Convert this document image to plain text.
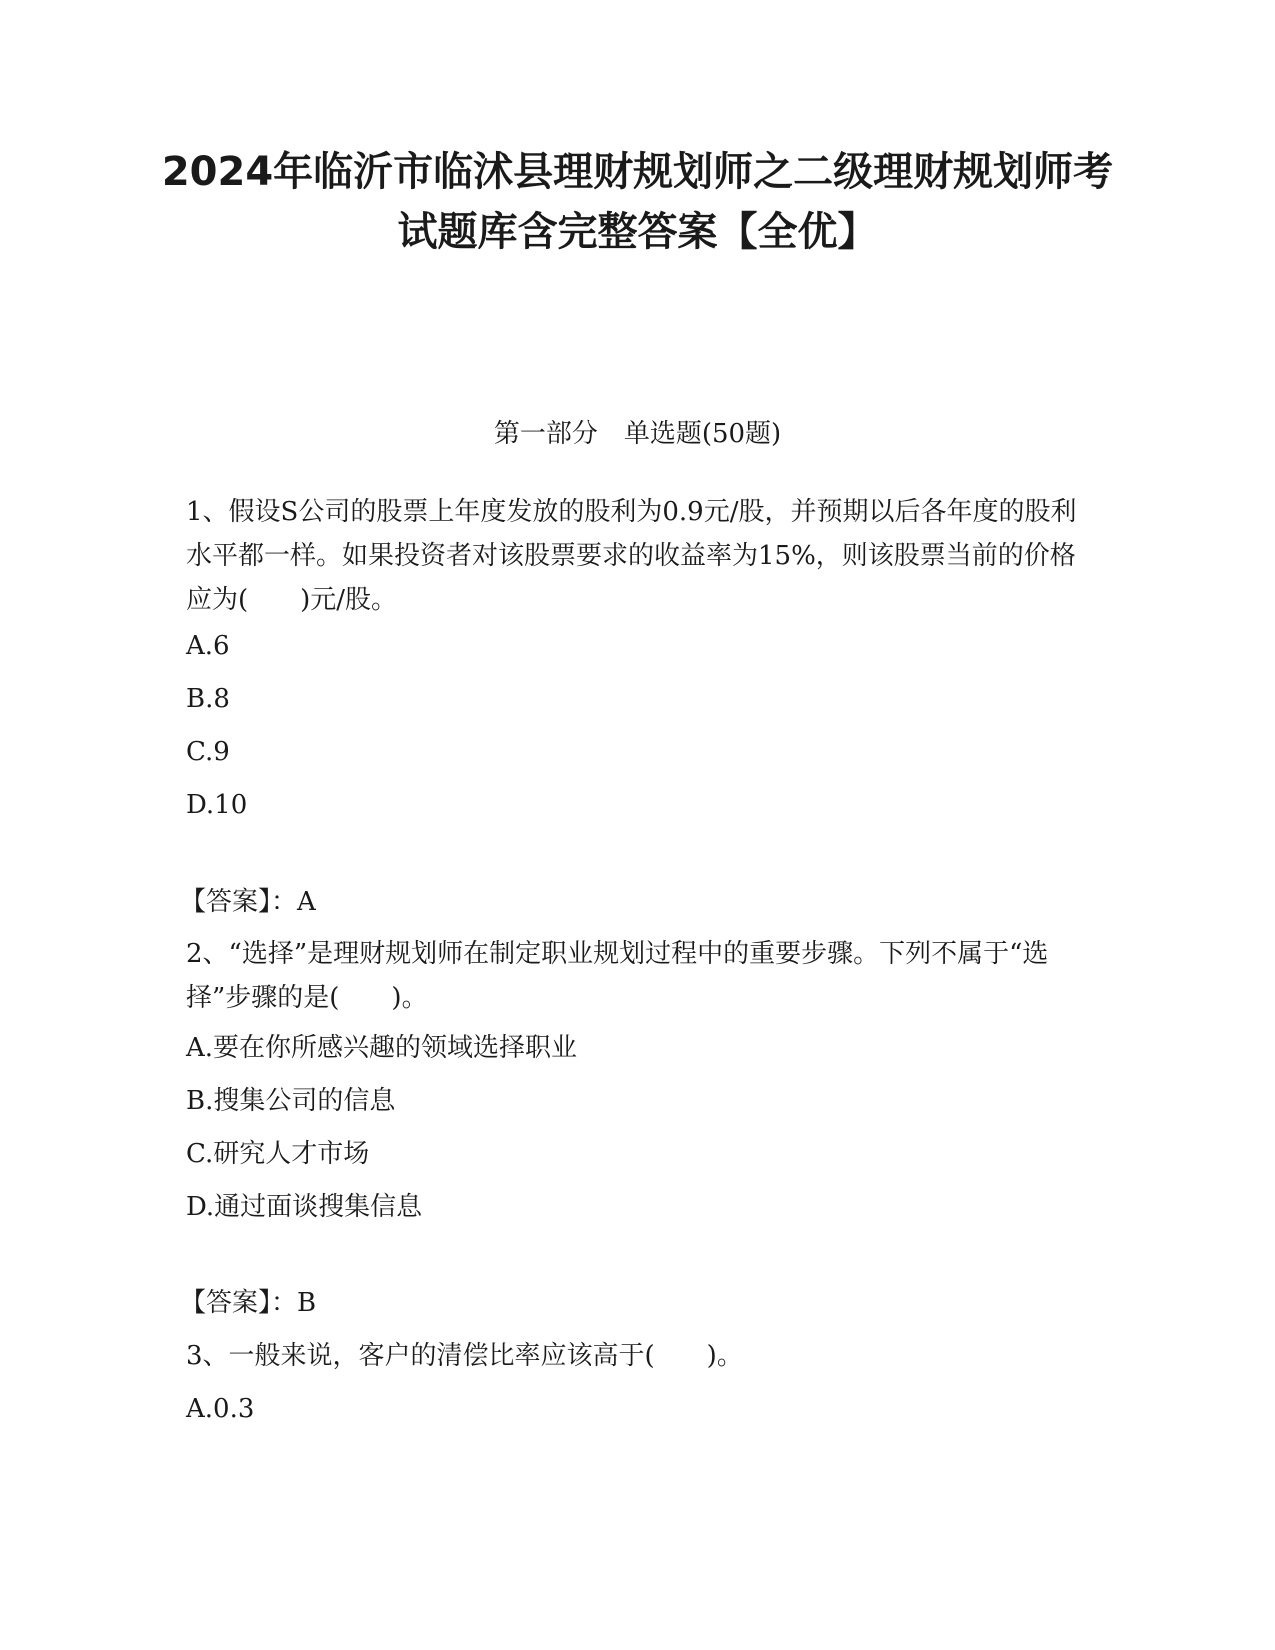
2024年临沂市临沭县理财规划师之二级理财规划师考试题库含完整答案【全优】
第一部分　单选题(50题)

1、假设S公司的股票上年度发放的股利为0.9元/股，并预期以后各年度的股利水平都一样。如果投资者对该股票要求的收益率为15%，则该股票当前的价格应为(　　)元/股。

A.6
B.8
C.9
D.10
【答案】：A

2、“选择”是理财规划师在制定职业规划过程中的重要步骤。下列不属于“选择”步骤的是(　　)。

A.要在你所感兴趣的领域选择职业
B.搜集公司的信息
C.研究人才市场
D.通过面谈搜集信息
【答案】：B
3、一般来说，客户的清偿比率应该高于(　　)。
A.0.3
